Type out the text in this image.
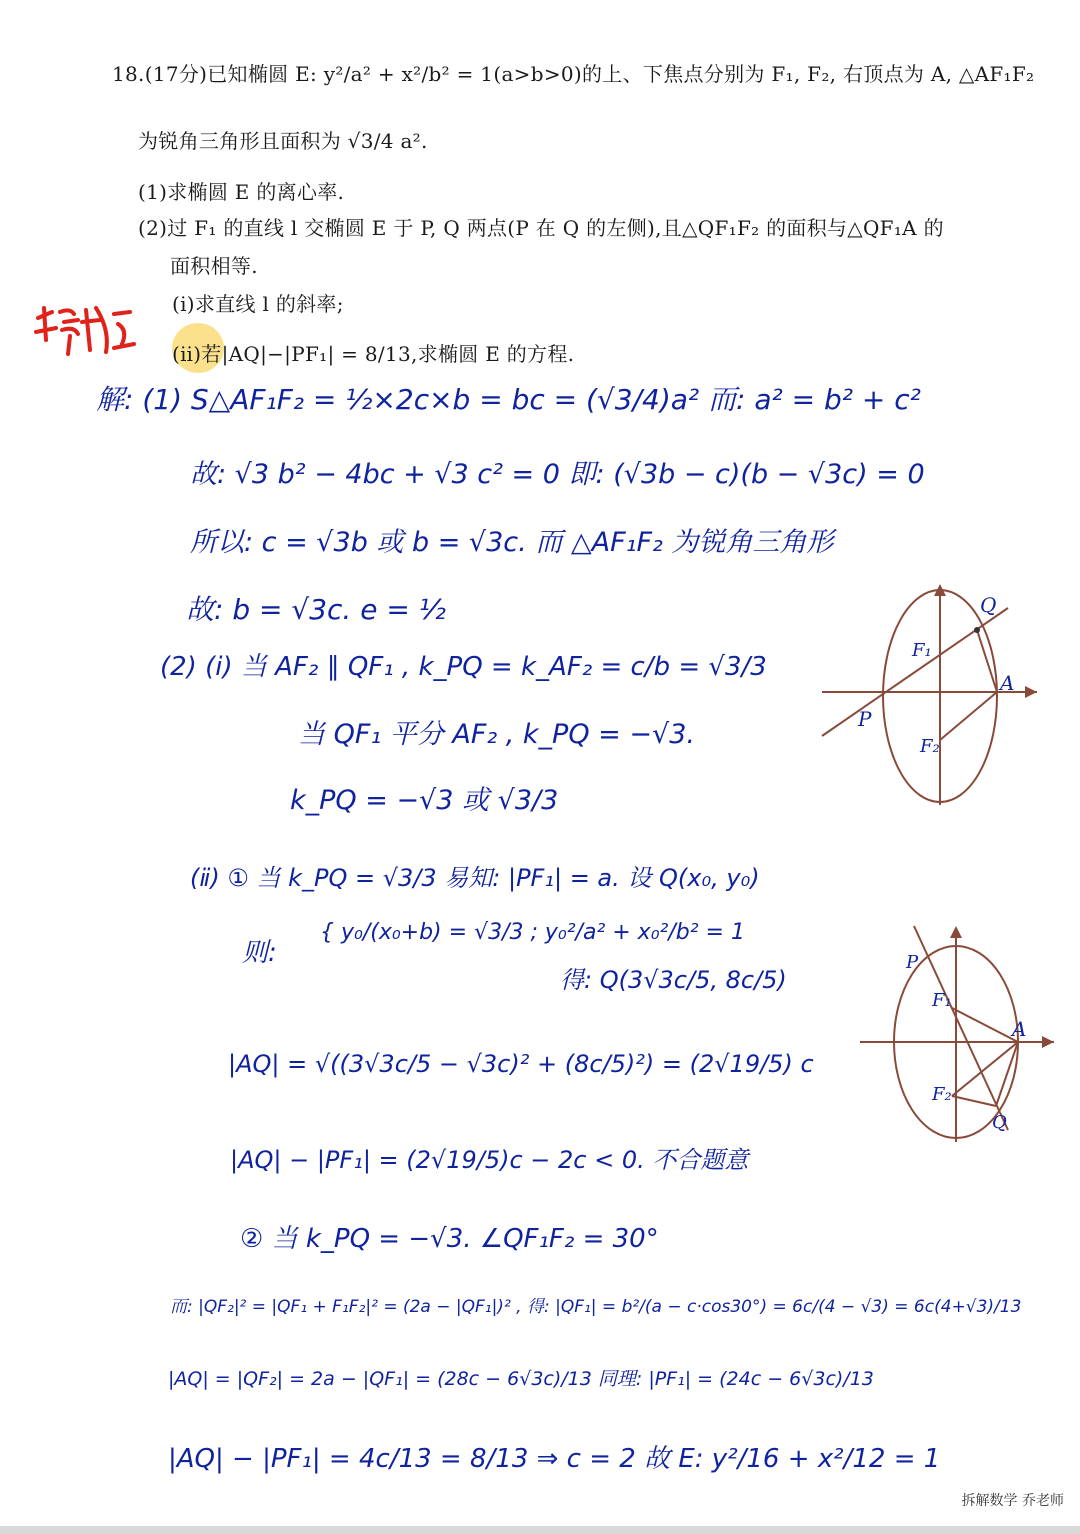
18.(17分)已知椭圆 E: y²/a² + x²/b² = 1(a>b>0)的上、下焦点分别为 F₁, F₂, 右顶点为 A, △AF₁F₂
为锐角三角形且面积为 √3/4 a².
(1)求椭圆 E 的离心率.
(2)过 F₁ 的直线 l 交椭圆 E 于 P, Q 两点(P 在 Q 的左侧),且△QF₁F₂ 的面积与△QF₁A 的
面积相等.
(ⅰ)求直线 l 的斜率;
(ⅱ)若|AQ|−|PF₁| = 8/13,求椭圆 E 的方程.
解: (1) S△AF₁F₂ = ½×2c×b = bc = (√3/4)a² 而: a² = b² + c²
故: √3 b² − 4bc + √3 c² = 0 即: (√3b − c)(b − √3c) = 0
所以: c = √3b 或 b = √3c. 而 △AF₁F₂ 为锐角三角形
故: b = √3c. e = ½
(2) (ⅰ) 当 AF₂ ∥ QF₁ , k_PQ = k_AF₂ = c/b = √3/3
当 QF₁ 平分 AF₂ , k_PQ = −√3.
k_PQ = −√3 或 √3/3
(ⅱ) ① 当 k_PQ = √3/3 易知: |PF₁| = a. 设 Q(x₀, y₀)
则:
{ y₀/(x₀+b) = √3/3 ; y₀²/a² + x₀²/b² = 1
得: Q(3√3c/5, 8c/5)
|AQ| = √((3√3c/5 − √3c)² + (8c/5)²) = (2√19/5) c
|AQ| − |PF₁| = (2√19/5)c − 2c < 0. 不合题意
② 当 k_PQ = −√3. ∠QF₁F₂ = 30°
而: |QF₂|² = |QF₁ + F₁F₂|² = (2a − |QF₁|)² , 得: |QF₁| = b²/(a − c·cos30°) = 6c/(4 − √3) = 6c(4+√3)/13
|AQ| = |QF₂| = 2a − |QF₁| = (28c − 6√3c)/13 同理: |PF₁| = (24c − 6√3c)/13
|AQ| − |PF₁| = 4c/13 = 8/13 ⇒ c = 2 故 E: y²/16 + x²/12 = 1
Q
F₁
A
P
F₂
P
F₁
A
F₂
Q
拆解数学 乔老师
